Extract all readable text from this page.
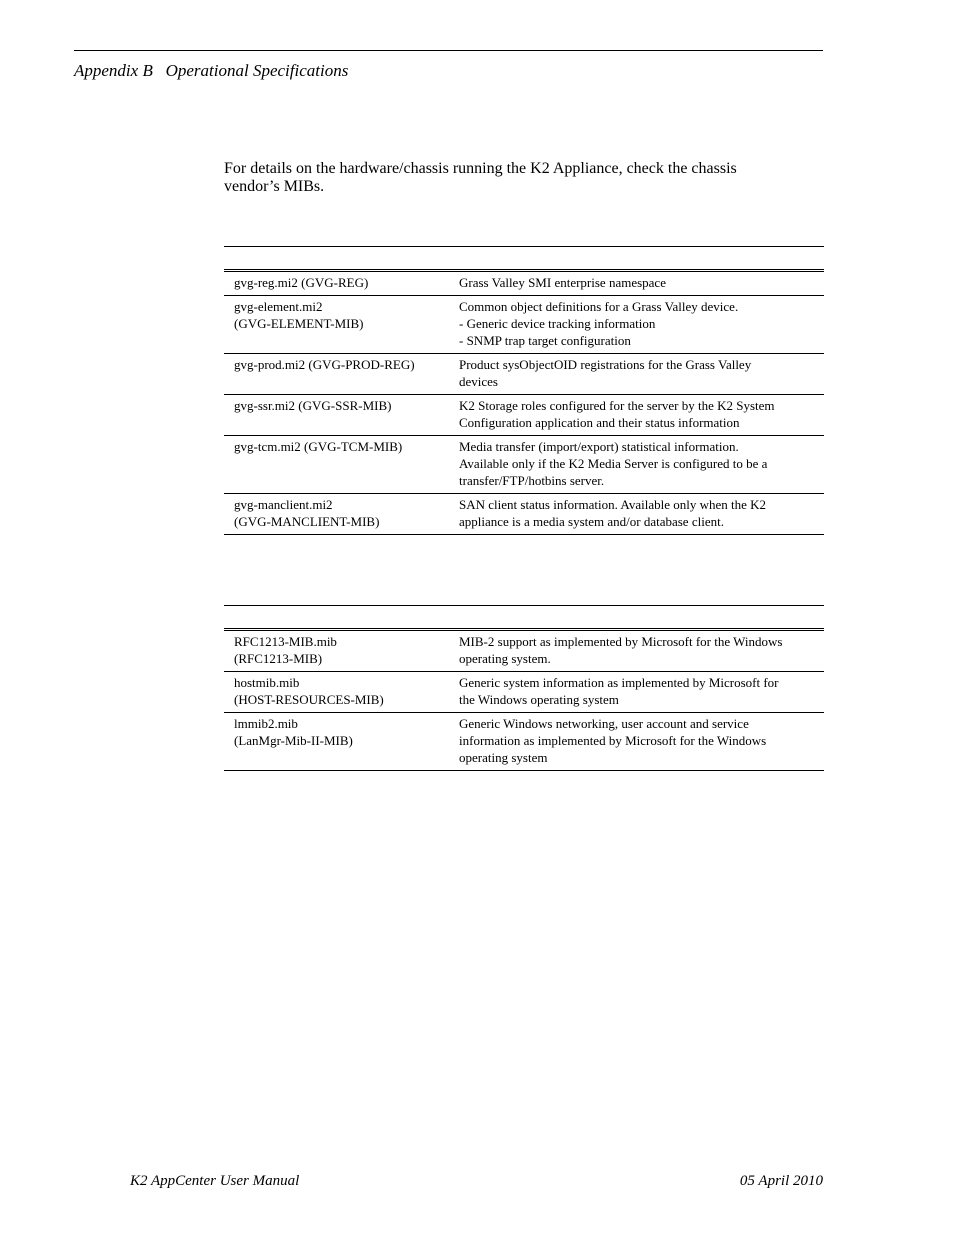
Appendix B Operational Specifications

For details on the hardware/chassis running the K2 Appliance, check the chassis
vendor’s MIBs.

gvg-reg.mi2 (GVG-REG)	Grass Valley SMI enterprise namespace

gvg-element.mi2
(GVG-ELEMENT-MIB)	Common object definitions for a Grass Valley device.
- Generic device tracking information
- SNMP trap target configuration

gvg-prod.mi2 (GVG-PROD-REG)	Product sysObjectOID registrations for the Grass Valley
devices

gvg-ssr.mi2 (GVG-SSR-MIB)	K2 Storage roles configured for the server by the K2 System
Configuration application and their status information

gvg-tcm.mi2 (GVG-TCM-MIB)	Media transfer (import/export) statistical information.
Available only if the K2 Media Server is configured to be a
transfer/FTP/hotbins server.

gvg-manclient.mi2
(GVG-MANCLIENT-MIB)	SAN client status information. Available only when the K2
appliance is a media system and/or database client.

RFC1213-MIB.mib
(RFC1213-MIB)	MIB-2 support as implemented by Microsoft for the Windows
operating system.

hostmib.mib
(HOST-RESOURCES-MIB)	Generic system information as implemented by Microsoft for
the Windows operating system

lmmib2.mib
(LanMgr-Mib-II-MIB)	Generic Windows networking, user account and service
information as implemented by Microsoft for the Windows
operating system
K2 AppCenter User Manual	05 April 2010
